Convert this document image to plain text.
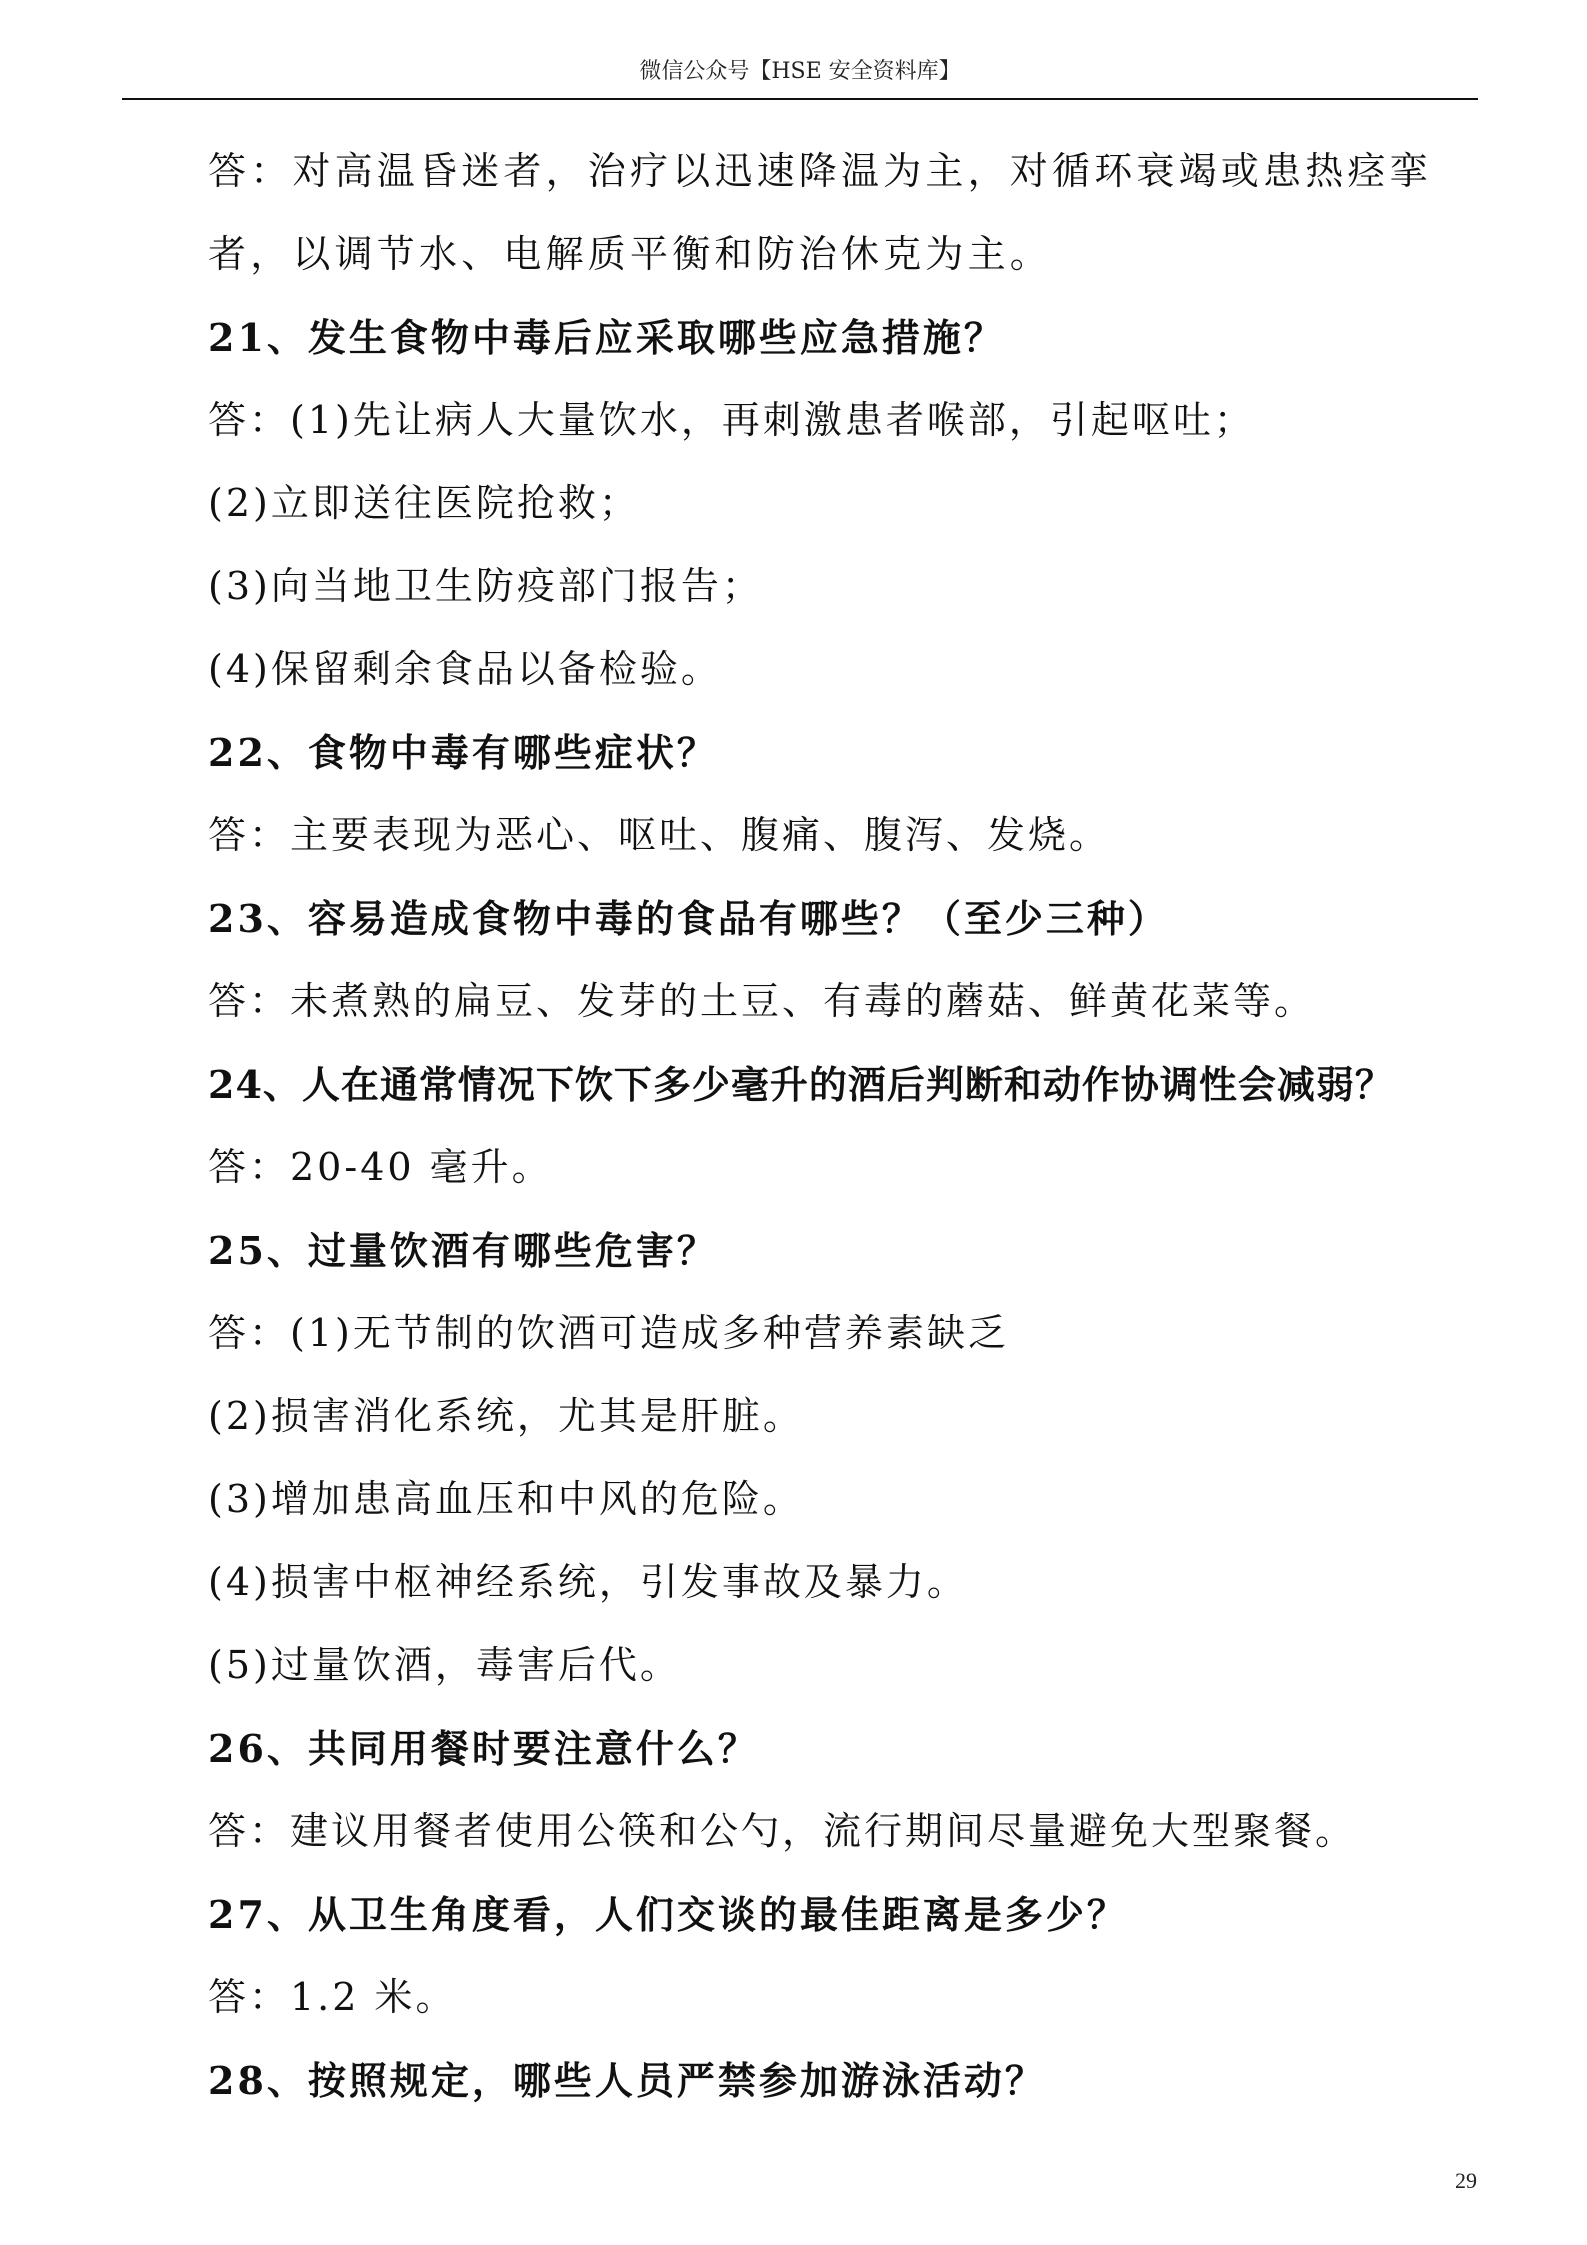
微信公众号【HSE 安全资料库】
答：对高温昏迷者，治疗以迅速降温为主，对循环衰竭或患热痉挛者，以调节水、电解质平衡和防治休克为主。
21、发生食物中毒后应采取哪些应急措施？
答：(1)先让病人大量饮水，再刺激患者喉部，引起呕吐；
(2)立即送往医院抢救；
(3)向当地卫生防疫部门报告；
(4)保留剩余食品以备检验。
22、食物中毒有哪些症状？
答：主要表现为恶心、呕吐、腹痛、腹泻、发烧。
23、容易造成食物中毒的食品有哪些？（至少三种）
答：未煮熟的扁豆、发芽的土豆、有毒的蘑菇、鲜黄花菜等。
24、人在通常情况下饮下多少毫升的酒后判断和动作协调性会减弱？
答：20-40 毫升。
25、过量饮酒有哪些危害？
答：(1)无节制的饮酒可造成多种营养素缺乏
(2)损害消化系统，尤其是肝脏。
(3)增加患高血压和中风的危险。
(4)损害中枢神经系统，引发事故及暴力。
(5)过量饮酒，毒害后代。
26、共同用餐时要注意什么？
答：建议用餐者使用公筷和公勺，流行期间尽量避免大型聚餐。
27、从卫生角度看，人们交谈的最佳距离是多少？
答：1.2 米。
28、按照规定，哪些人员严禁参加游泳活动？
29
